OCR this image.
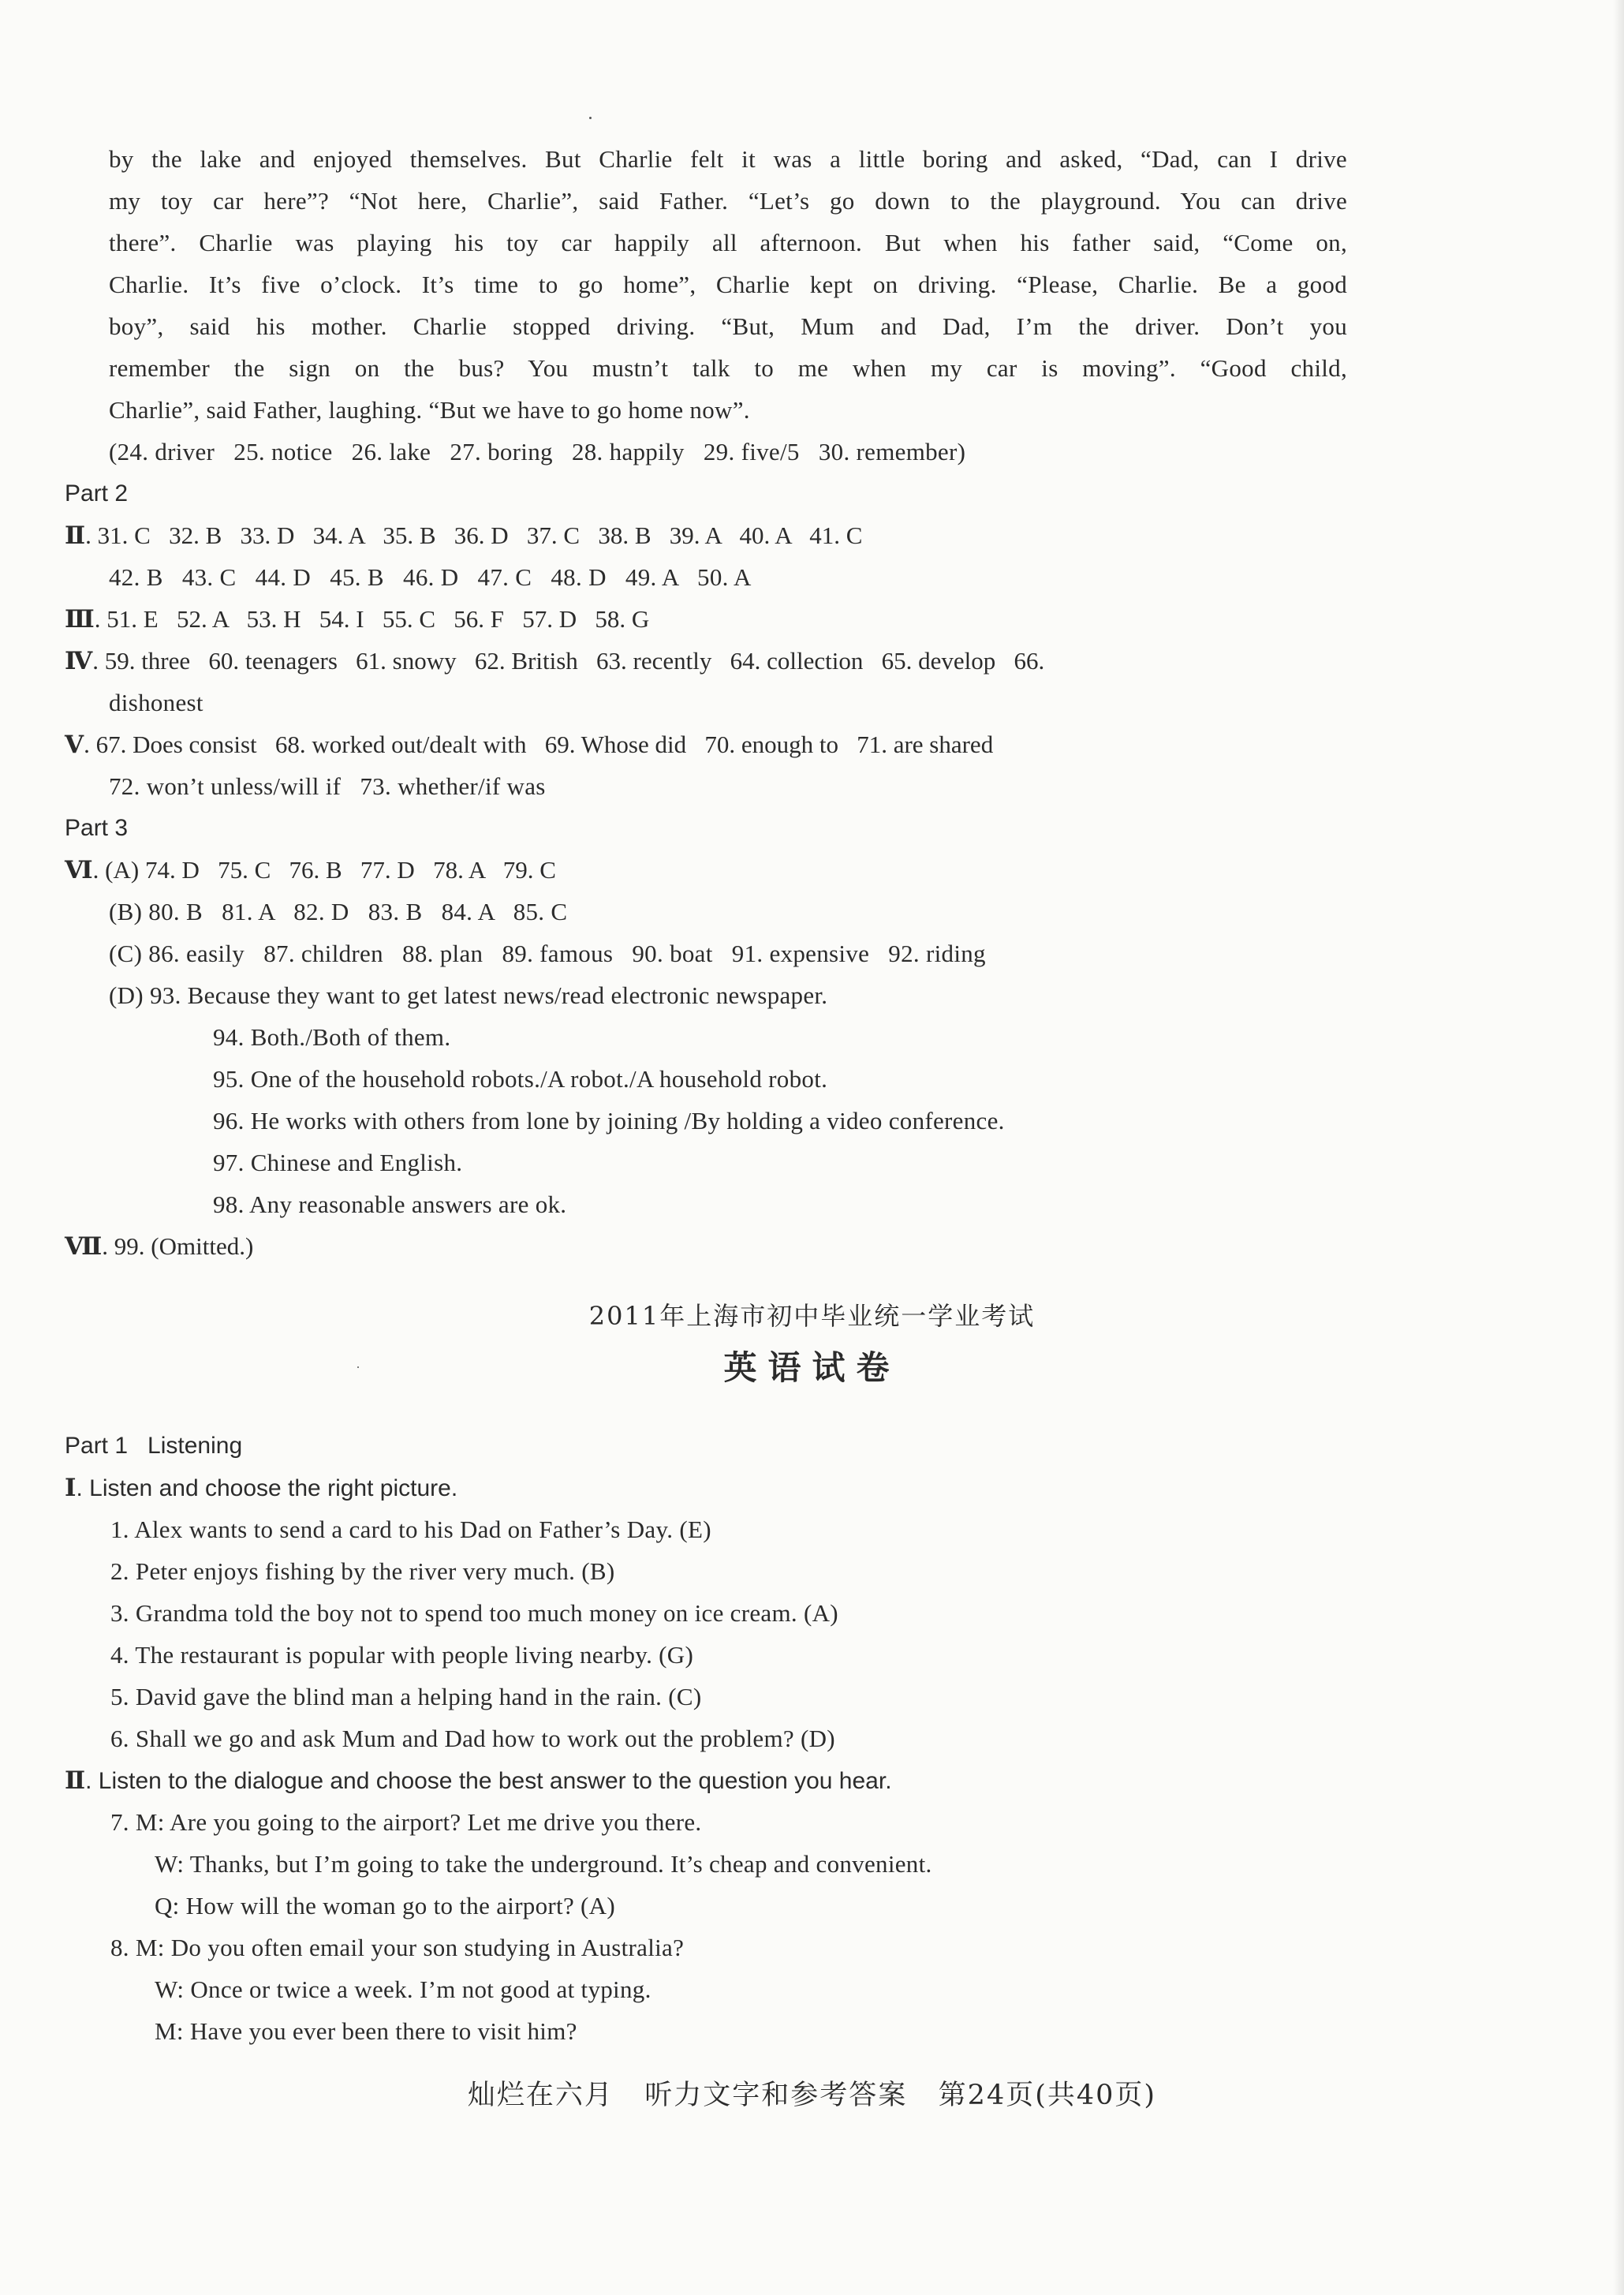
by the lake and enjoyed themselves. But Charlie felt it was a little boring and asked, “Dad, can I drive
my toy car here”? “Not here, Charlie”, said Father. “Let’s go down to the playground. You can drive
there”. Charlie was playing his toy car happily all afternoon. But when his father said, “Come on,
Charlie. It’s five o’clock. It’s time to go home”, Charlie kept on driving. “Please, Charlie. Be a good
boy”, said his mother. Charlie stopped driving. “But, Mum and Dad, I’m the driver. Don’t you
remember the sign on the bus? You mustn’t talk to me when my car is moving”. “Good child,
Charlie”, said Father, laughing. “But we have to go home now”.
(24. driver   25. notice   26. lake   27. boring   28. happily   29. five/5   30. remember)
Part 2
Ⅱ. 31. C   32. B   33. D   34. A   35. B   36. D   37. C   38. B   39. A   40. A   41. C
42. B   43. C   44. D   45. B   46. D   47. C   48. D   49. A   50. A
Ⅲ. 51. E   52. A   53. H   54. I   55. C   56. F   57. D   58. G
Ⅳ. 59. three   60. teenagers   61. snowy   62. British   63. recently   64. collection   65. develop   66.
dishonest
Ⅴ. 67. Does consist   68. worked out/dealt with   69. Whose did   70. enough to   71. are shared
72. won’t unless/will if   73. whether/if was
Part 3
Ⅵ. (A) 74. D   75. C   76. B   77. D   78. A   79. C
(B) 80. B   81. A   82. D   83. B   84. A   85. C
(C) 86. easily   87. children   88. plan   89. famous   90. boat   91. expensive   92. riding
(D) 93. Because they want to get latest news/read electronic newspaper.
94. Both./Both of them.
95. One of the household robots./A robot./A household robot.
96. He works with others from lone by joining /By holding a video conference.
97. Chinese and English.
98. Any reasonable answers are ok.
Ⅶ. 99. (Omitted.)
2011年上海市初中毕业统一学业考试
英语试卷
Part 1   Listening
Ⅰ. Listen and choose the right picture.
1. Alex wants to send a card to his Dad on Father’s Day. (E)
2. Peter enjoys fishing by the river very much. (B)
3. Grandma told the boy not to spend too much money on ice cream. (A)
4. The restaurant is popular with people living nearby. (G)
5. David gave the blind man a helping hand in the rain. (C)
6. Shall we go and ask Mum and Dad how to work out the problem? (D)
Ⅱ. Listen to the dialogue and choose the best answer to the question you hear.
7. M: Are you going to the airport? Let me drive you there.
W: Thanks, but I’m going to take the underground. It’s cheap and convenient.
Q: How will the woman go to the airport? (A)
8. M: Do you often email your son studying in Australia?
W: Once or twice a week. I’m not good at typing.
M: Have you ever been there to visit him?
灿烂在六月   听力文字和参考答案   第24页(共40页)
